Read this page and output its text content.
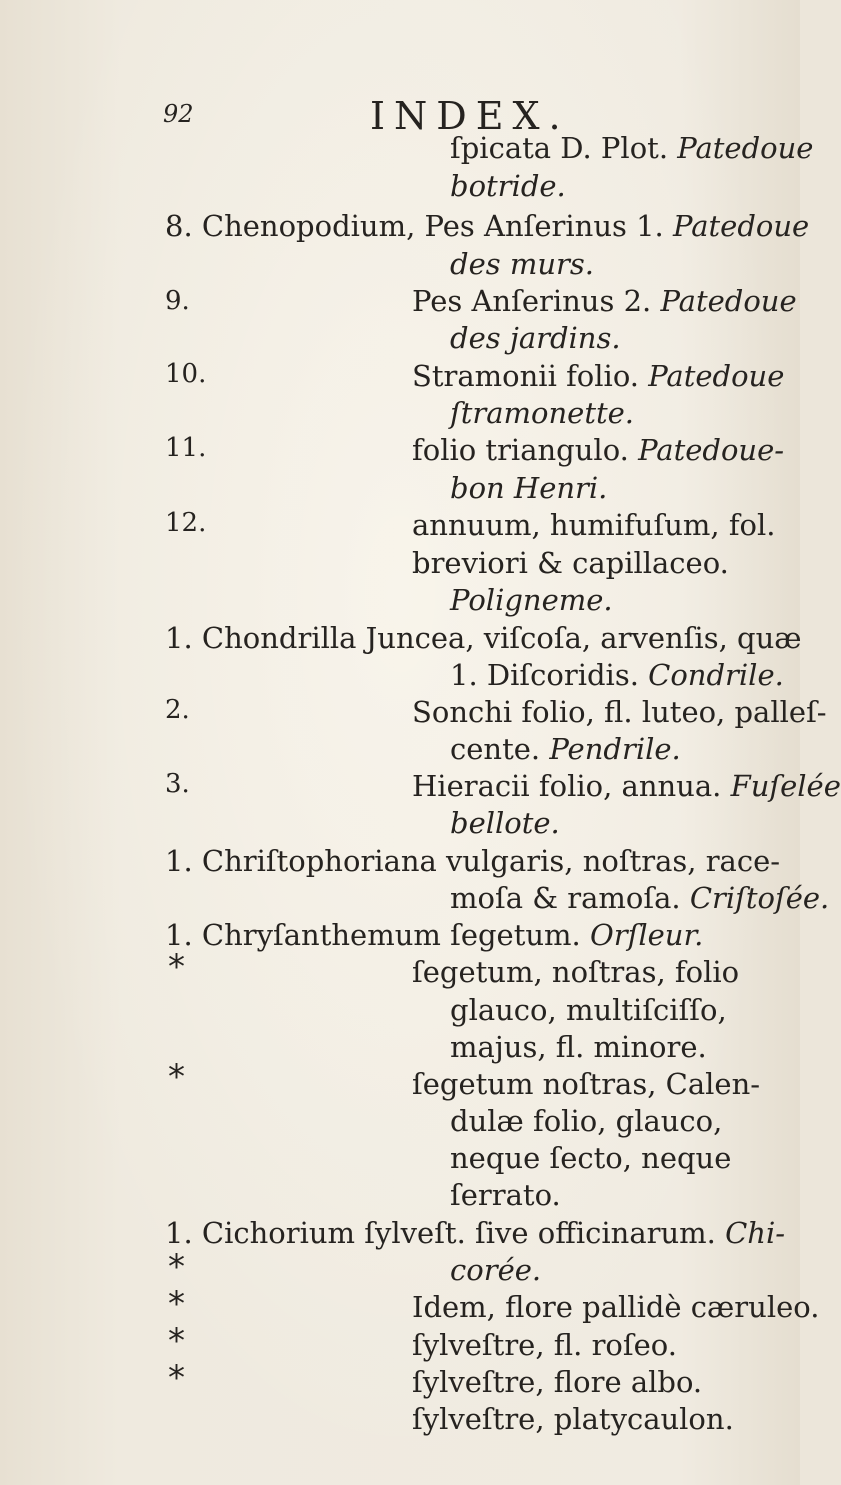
92	INDEX.
ſpicata D. Plot. Patedoue
botride.
8. Chenopodium, Pes Anſerinus 1. Patedoue
des murs.
Pes Anſerinus 2. Patedoue
des jardins.
Stramonii folio. Patedoue
ſtramonette.
folio triangulo. Patedoue-
bon Henri.
annuum, humifuſum, fol.
breviori & capillaceo.
Poligneme.
1. Chondrilla Juncea, viſcoſa, arvenſis, quæ
1. Diſcoridis. Condrile.
Sonchi folio, fl. luteo, palleſ-
cente. Pendrile.
Hieracii folio, annua. Fuſelée
bellote.
1. Chriſtophoriana vulgaris, noſtras, race-
moſa & ramoſa. Criſtoſée.
1. Chryſanthemum ſegetum. Orſleur.
ſegetum, noſtras, folio
glauco, multiſciſſo,
majus, fl. minore.
ſegetum noſtras, Calen-
dulæ folio, glauco,
neque ſecto, neque
ſerrato.
1. Cichorium ſylveſt. ſive officinarum. Chi-
corée.
Idem, flore pallidè cæruleo.
ſylveſtre, fl. roſeo.
ſylveſtre, flore albo.
ſylveſtre, platycaulon.
9.
10.
11.
12.
2.
3.
*
*
*
*
*
*
